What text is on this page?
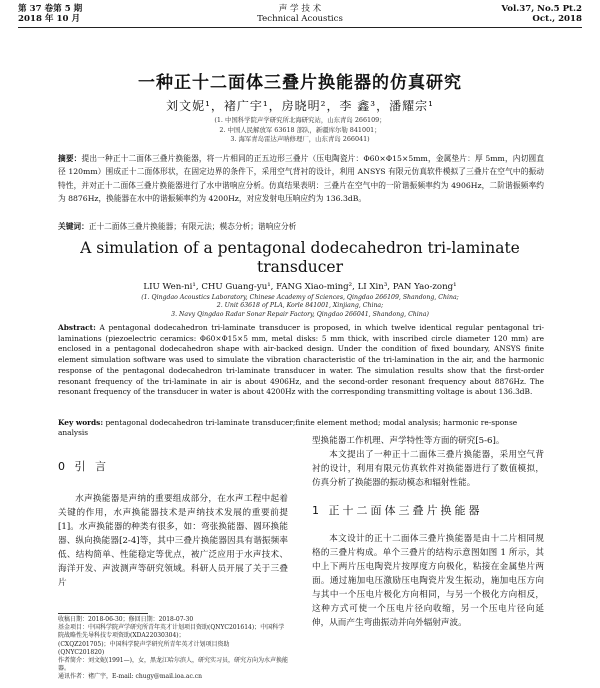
第 37 卷第 5 期
2018 年 10 月
声 学 技 术
Technical Acoustics
Vol.37, No.5 Pt.2
Oct., 2018
一种正十二面体三叠片换能器的仿真研究
刘文妮¹，褚广宇¹，房晓明²，李 鑫³，潘耀宗¹
(1. 中国科学院声学研究所北海研究站，山东青岛 266109；
2. 中国人民解放军 63618 部队，新疆库尔勒 841001；
3. 海军青岛雷达声呐修理厂，山东青岛 266041)
摘要：提出一种正十二面体三叠片换能器，将一片相同的正五边形三叠片（压电陶瓷片：Φ60×Φ15×5mm，金属垫片：厚 5mm，内切圆直径 120mm）围成正十二面体形状，在固定边界的条件下，采用空气背衬的设计，利用 ANSYS 有限元仿真软件模拟了三叠片在空气中的振动特性，并对正十二面体三叠片换能器进行了水中谐响应分析。仿真结果表明：三叠片在空气中的一阶谐振频率约为 4906Hz，二阶谐振频率约为 8876Hz，换能器在水中的谐振频率约为 4200Hz，对应发射电压响应约为 136.3dB。
关键词：正十二面体三叠片换能器；有限元法；模态分析；谐响应分析
A simulation of a pentagonal dodecahedron tri-laminate
transducer
LIU Wen-ni¹, CHU Guang-yu¹, FANG Xiao-ming², LI Xin³, PAN Yao-zong¹
(1. Qingdao Acoustics Laboratory, Chinese Academy of Sciences, Qingdao 266109, Shandong, China;
2. Unit 63618 of PLA, Korle 841001, Xinjiang, China;
3. Navy Qingdao Radar Sonar Repair Factory, Qingdao 266041, Shandong, China)
Abstract: A pentagonal dodecahedron tri-laminate transducer is proposed, in which twelve identical regular pentagonal tri-laminations (piezoelectric ceramics: Φ60×Φ15×5 mm, metal disks: 5 mm thick, with inscribed circle diameter 120 mm) are enclosed in a pentagonal dodecahedron shape with air-backed design. Under the condition of fixed boundary, ANSYS finite element simulation software was used to simulate the vibration characteristic of the tri-lamination in the air, and the harmonic response of the pentagonal dodecahedron tri-laminate transducer in water. The simulation results show that the first-order resonant frequency of the tri-laminate in air is about 4906Hz, and the second-order resonant frequency about 8876Hz. The resonant frequency of the transducer in water is about 4200Hz with the corresponding transmitting voltage is about 136.3dB.
Key words: pentagonal dodecahedron tri-laminate transducer;finite element method; modal analysis; harmonic re-sponse analysis
0 引 言

水声换能器是声纳的重要组成部分，在水声工程中起着关键的作用，水声换能器技术是声纳技术发展的重要前提[1]。水声换能器的种类有很多，如：弯张换能器、圆环换能器、纵向换能器[2-4]等，其中三叠片换能器因具有谐振频率低、结构简单、性能稳定等优点，被广泛应用于水声技术、海洋开发、声波测声等研究领域。科研人员开展了关于三叠片

型换能器工作机理、声学特性等方面的研究[5-6]。

本文提出了一种正十二面体三叠片换能器，采用空气背衬的设计，利用有限元仿真软件对换能器进行了数值模拟，仿真分析了换能器的振动模态和辐射性能。

1 正十二面体三叠片换能器

本文设计的正十二面体三叠片换能器是由十二片相同规格的三叠片构成。单个三叠片的结构示意图如图 1 所示，其中上下两片压电陶瓷片按厚度方向极化，粘接在金属垫片两面。通过施加电压激励压电陶瓷片发生振动，施加电压方向与其中一个压电片极化方向相同，与另一个极化方向相反，这种方式可使一个压电片径向收缩，另一个压电片径向延伸，从而产生弯曲振动并向外辐射声波。

收稿日期：2018-06-30；修回日期：2018-07-30
基金项目：中国科学院声学研究所青年英才计划项目资助(QNYC201614)；中国科学院战略性先导科技专项资助(XDA22030304)；
(CXQZ201705)；中国科学院声学研究所青年英才计划项目资助
(QNYC201820)
作者简介：刘文妮(1991—)，女，黑龙江哈尔滨人，研究实习员，研究方向为水声换能器。
通讯作者：褚广宇，E-mail: chugy@mail.ioa.ac.cn
